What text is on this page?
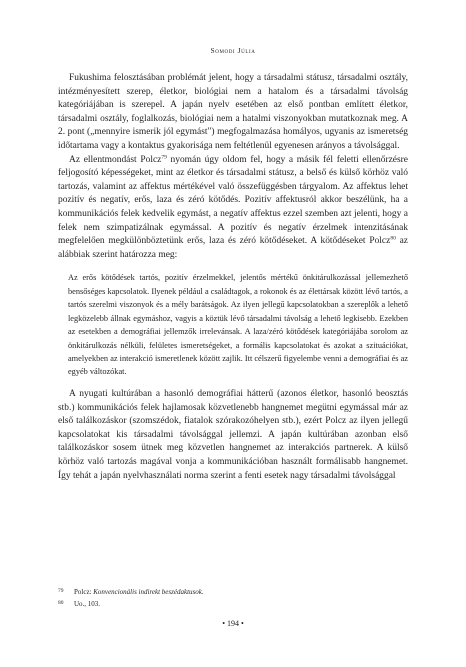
Somodi Júlia

Fukushima felosztásában problémát jelent, hogy a társadalmi státusz, társadalmi osztály, intézményesített szerep, életkor, biológiai nem a hatalom és a társadalmi távolság kategóriájában is szerepel. A japán nyelv esetében az első pontban említett életkor, társadalmi osztály, foglalkozás, biológiai nem a hatalmi viszonyokban mutatkoznak meg. A 2. pont („mennyire ismerik jól egymást") megfogalmazása homályos, ugyanis az ismeretség időtartama vagy a kontaktus gyakorisága nem feltétlenül egyenesen arányos a távolsággal.

Az ellentmondást Polcz$^{79}$ nyomán úgy oldom fel, hogy a másik fél feletti ellenőrzésre feljogosító képességeket, mint az életkor és társadalmi státusz, a belső és külső körhöz való tartozás, valamint az affektus mértékével való összefüggésben tárgyalom. Az affektus lehet pozitív és negatív, erős, laza és zéró kötődés. Pozitív affektusról akkor beszélünk, ha a kommunikációs felek kedvelik egymást, a negatív affektus ezzel szemben azt jelenti, hogy a felek nem szimpatizálnak egymással. A pozitív és negatív érzelmek intenzitásának megfelelően megkülönböztetünk erős, laza és zéró kötődéseket. A kötődéseket Polcz$^{80}$ az alábbiak szerint határozza meg:

Az erős kötődések tartós, pozitív érzelmekkel, jelentős mértékű önkitárulkozással jellemezhető bensőséges kapcsolatok. Ilyenek például a családtagok, a rokonok és az élettársak között lévő tartós, a tartós szerelmi viszonyok és a mély barátságok. Az ilyen jellegű kapcsolatokban a szereplők a lehető legközelebb állnak egymáshoz, vagyis a köztük lévő társadalmi távolság a lehető legkisebb. Ezekben az esetekben a demográfiai jellemzők irrelevánsak. A laza/zéró kötődések kategóriájába sorolom az önkitárulkozás nélküli, felületes ismeretségeket, a formális kapcsolatokat és azokat a szituációkat, amelyekben az interakció ismeretlenek között zajlik. Itt célszerű figyelembe venni a demográfiai és az egyéb változókat.

A nyugati kultúrában a hasonló demográfiai hátterű (azonos életkor, hasonló beosztás stb.) kommunikációs felek hajlamosak közvetlenebb hangnemet megütni egymással már az első találkozáskor (szomszédok, fiatalok szórakozóhelyen stb.), ezért Polcz az ilyen jellegű kapcsolatokat kis társadalmi távolsággal jellemzi. A japán kultúrában azonban első találkozáskor sosem ütnek meg közvetlen hangnemet az interakciós partnerek. A külső körhöz való tartozás magával vonja a kommunikációban használt formálisabb hangnemet. Így tehát a japán nyelvhasználati norma szerint a fenti esetek nagy társadalmi távolsággal

79 Polcz: Konvencionális indirekt beszédaktusok.
80 Uo., 103.
• 194 •
